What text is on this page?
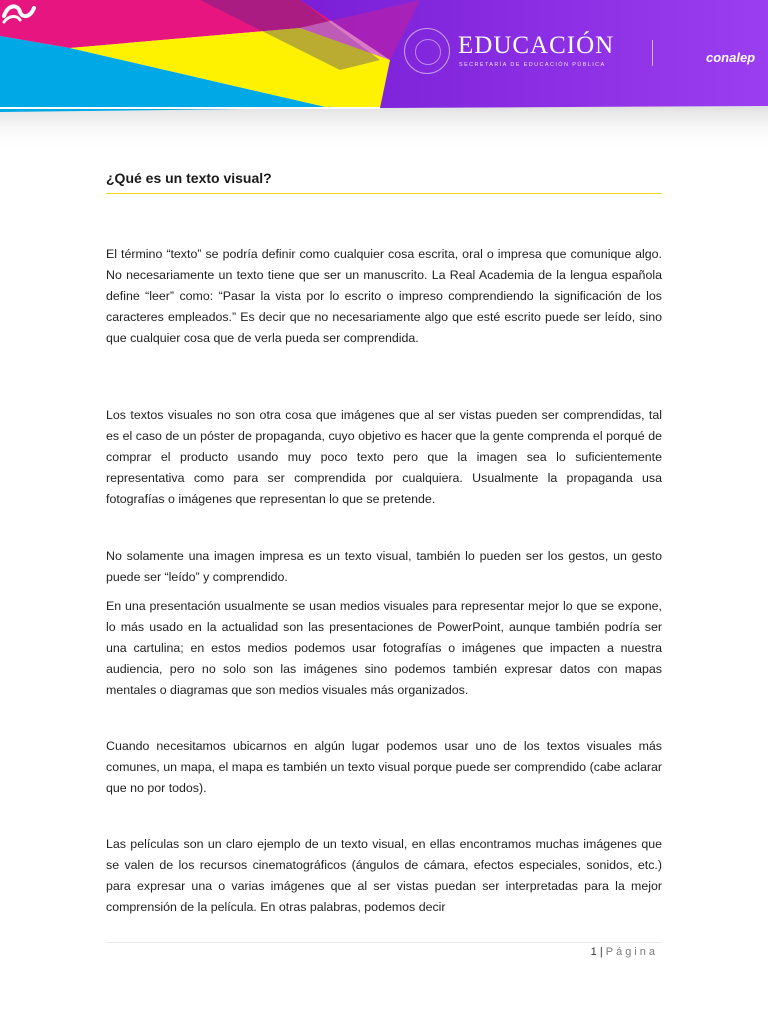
EDUCACIÓN
SECRETARÍA DE EDUCACIÓN PÚBLICA	conalep
¿Qué es un texto visual?

El término “texto” se podría definir como cualquier cosa escrita, oral o impresa que comunique algo. No necesariamente un texto tiene que ser un manuscrito. La Real Academia de la lengua española define “leer” como: “Pasar la vista por lo escrito o impreso comprendiendo la significación de los caracteres empleados.” Es decir que no necesariamente algo que esté escrito puede ser leído, sino que cualquier cosa que de verla pueda ser comprendida.

Los textos visuales no son otra cosa que imágenes que al ser vistas pueden ser comprendidas, tal es el caso de un póster de propaganda, cuyo objetivo es hacer que la gente comprenda el porqué de comprar el producto usando muy poco texto pero que la imagen sea lo suficientemente representativa como para ser comprendida por cualquiera. Usualmente la propaganda usa fotografías o imágenes que representan lo que se pretende.

No solamente una imagen impresa es un texto visual, también lo pueden ser los gestos, un gesto puede ser “leído” y comprendido.

En una presentación usualmente se usan medios visuales para representar mejor lo que se expone, lo más usado en la actualidad son las presentaciones de PowerPoint, aunque también podría ser una cartulina; en estos medios podemos usar fotografías o imágenes que impacten a nuestra audiencia, pero no solo son las imágenes sino podemos también expresar datos con mapas mentales o diagramas que son medios visuales más organizados.

Cuando necesitamos ubicarnos en algún lugar podemos usar uno de los textos visuales más comunes, un mapa, el mapa es también un texto visual porque puede ser comprendido (cabe aclarar que no por todos).

Las películas son un claro ejemplo de un texto visual, en ellas encontramos muchas imágenes que se valen de los recursos cinematográficos (ángulos de cámara, efectos especiales, sonidos, etc.) para expresar una o varias imágenes que al ser vistas puedan ser interpretadas para la mejor comprensión de la película. En otras palabras, podemos decir

1 | Página
